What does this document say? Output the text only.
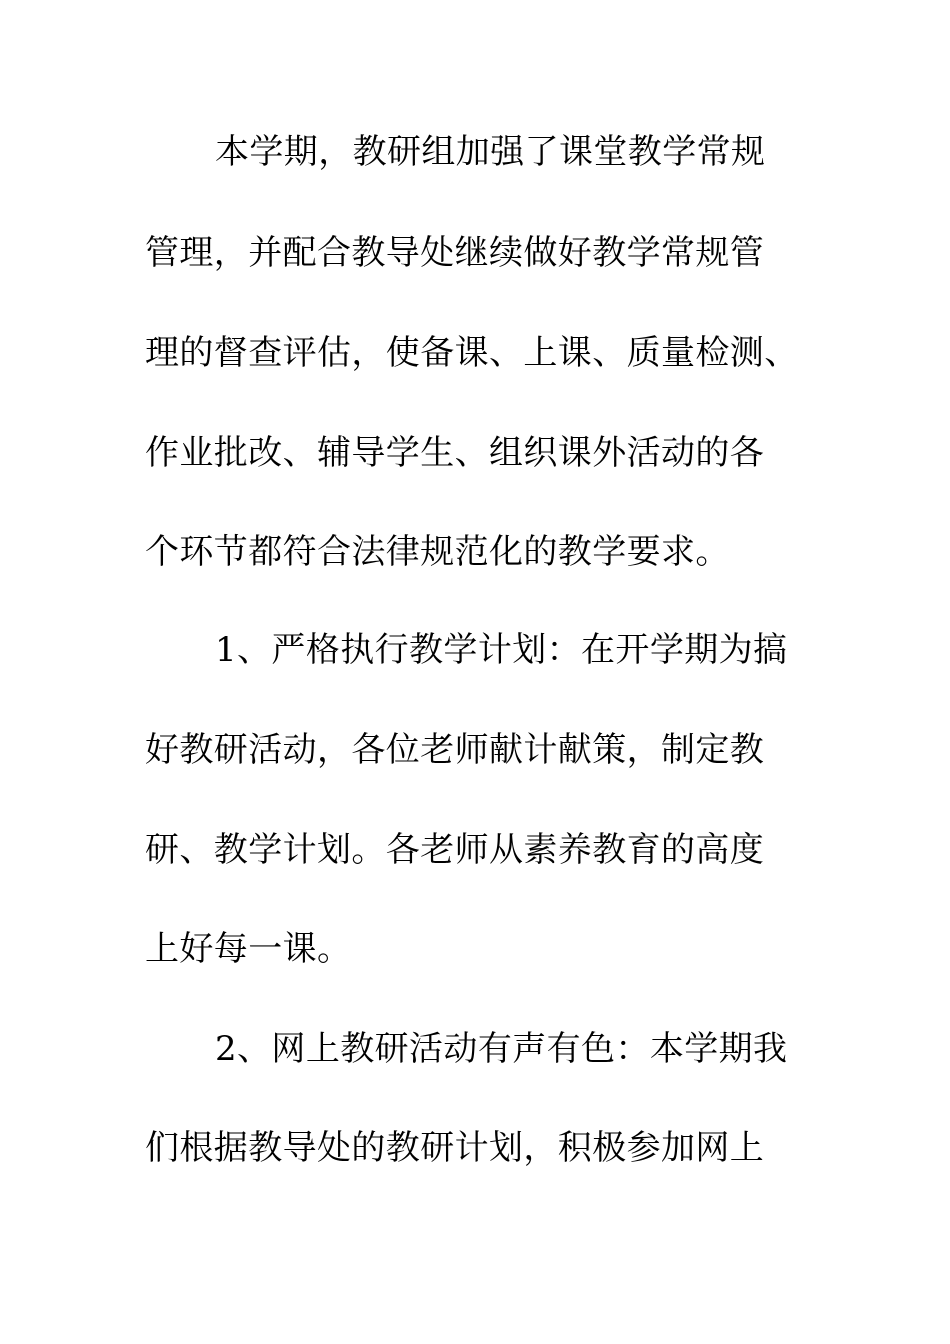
本学期，教研组加强了课堂教学常规
管理，并配合教导处继续做好教学常规管
理的督查评估，使备课、上课、质量检测、
作业批改、辅导学生、组织课外活动的各
个环节都符合法律规范化的教学要求。
1、严格执行教学计划：在开学期为搞
好教研活动，各位老师献计献策，制定教
研、教学计划。各老师从素养教育的高度
上好每一课。
2、网上教研活动有声有色：本学期我
们根据教导处的教研计划，积极参加网上
